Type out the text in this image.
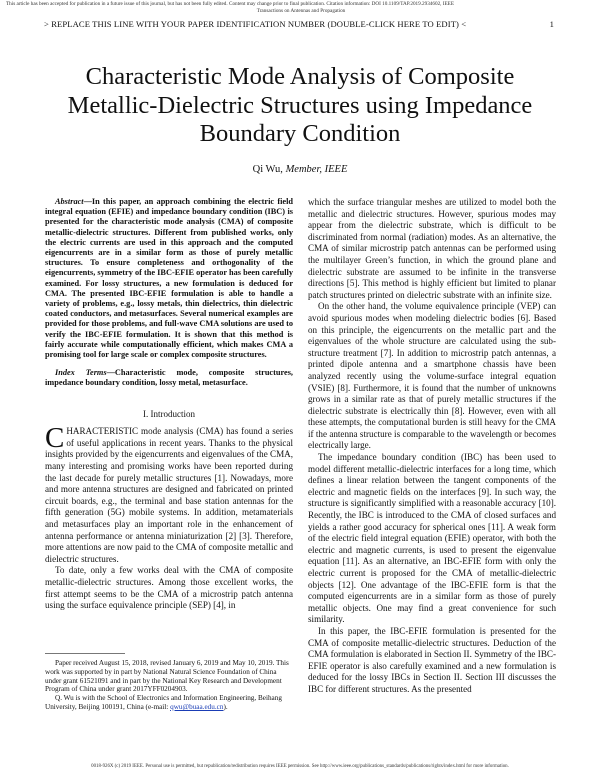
This article has been accepted for publication in a future issue of this journal, but has not been fully edited. Content may change prior to final publication. Citation information: DOI 10.1109/TAP.2019.2934602, IEEE
Transactions on Antennas and Propagation
> REPLACE THIS LINE WITH YOUR PAPER IDENTIFICATION NUMBER (DOUBLE-CLICK HERE TO EDIT) <	1
Characteristic Mode Analysis of Composite Metallic-Dielectric Structures using Impedance Boundary Condition
Qi Wu, Member, IEEE

Abstract—In this paper, an approach combining the electric field integral equation (EFIE) and impedance boundary condition (IBC) is presented for the characteristic mode analysis (CMA) of composite metallic-dielectric structures. Different from published works, only the electric currents are used in this approach and the computed eigencurrents are in a similar form as those of purely metallic structures. To ensure completeness and orthogonality of the eigencurrents, symmetry of the IBC-EFIE operator has been carefully examined. For lossy structures, a new formulation is deduced for CMA. The presented IBC-EFIE formulation is able to handle a variety of problems, e.g., lossy metals, thin dielectrics, thin dielectric coated conductors, and metasurfaces. Several numerical examples are provided for those problems, and full-wave CMA solutions are used to verify the IBC-EFIE formulation. It is shown that this method is fairly accurate while computationally efficient, which makes CMA a promising tool for large scale or complex composite structures.

Index Terms—Characteristic mode, composite structures, impedance boundary condition, lossy metal, metasurface.

I. Introduction

CHARACTERISTIC mode analysis (CMA) has found a series of useful applications in recent years. Thanks to the physical insights provided by the eigencurrents and eigenvalues of the CMA, many interesting and promising works have been reported during the last decade for purely metallic structures [1]. Nowadays, more and more antenna structures are designed and fabricated on printed circuit boards, e.g., the terminal and base station antennas for the fifth generation (5G) mobile systems. In addition, metamaterials and metasurfaces play an important role in the enhancement of antenna performance or antenna miniaturization [2] [3]. Therefore, more attentions are now paid to the CMA of composite metallic and dielectric structures.

To date, only a few works deal with the CMA of composite metallic-dielectric structures. Among those excellent works, the first attempt seems to be the CMA of a microstrip patch antenna using the surface equivalence principle (SEP) [4], in

Paper received August 15, 2018, revised January 6, 2019 and May 10, 2019. This work was supported by in part by National Natural Science Foundation of China under grant 61521091 and in part by the National Key Research and Development Program of China under grant 2017YFF0204903.

Q. Wu is with the School of Electronics and Information Engineering, Beihang University, Beijing 100191, China (e-mail: qwu@buaa.edu.cn).

which the surface triangular meshes are utilized to model both the metallic and dielectric structures. However, spurious modes may appear from the dielectric substrate, which is difficult to be discriminated from normal (radiation) modes. As an alternative, the CMA of similar microstrip patch antennas can be performed using the multilayer Green’s function, in which the ground plane and dielectric substrate are assumed to be infinite in the transverse directions [5]. This method is highly efficient but limited to planar patch structures printed on dielectric substrate with an infinite size.

On the other hand, the volume equivalence principle (VEP) can avoid spurious modes when modeling dielectric bodies [6]. Based on this principle, the eigencurrents on the metallic part and the eigenvalues of the whole structure are calculated using the sub-structure treatment [7]. In addition to microstrip patch antennas, a printed dipole antenna and a smartphone chassis have been analyzed recently using the volume-surface integral equation (VSIE) [8]. Furthermore, it is found that the number of unknowns grows in a similar rate as that of purely metallic structures if the dielectric substrate is electrically thin [8]. However, even with all these attempts, the computational burden is still heavy for the CMA if the antenna structure is comparable to the wavelength or becomes electrically large.

The impedance boundary condition (IBC) has been used to model different metallic-dielectric interfaces for a long time, which defines a linear relation between the tangent components of the electric and magnetic fields on the interfaces [9]. In such way, the structure is significantly simplified with a reasonable accuracy [10]. Recently, the IBC is introduced to the CMA of closed surfaces and yields a rather good accuracy for spherical ones [11]. A weak form of the electric field integral equation (EFIE) operator, with both the electric and magnetic currents, is used to present the eigenvalue equation [11]. As an alternative, an IBC-EFIE form with only the electric current is proposed for the CMA of metallic-dielectric objects [12]. One advantage of the IBC-EFIE form is that the computed eigencurrents are in a similar form as those of purely metallic objects. One may find a great convenience for such similarity.

In this paper, the IBC-EFIE formulation is presented for the CMA of composite metallic-dielectric structures. Deduction of the CMA formulation is elaborated in Section II. Symmetry of the IBC-EFIE operator is also carefully examined and a new formulation is deduced for the lossy IBCs in Section II. Section III discusses the IBC for different structures. As the presented

0018-926X (c) 2019 IEEE. Personal use is permitted, but republication/redistribution requires IEEE permission. See http://www.ieee.org/publications_standards/publications/rights/index.html for more information.
